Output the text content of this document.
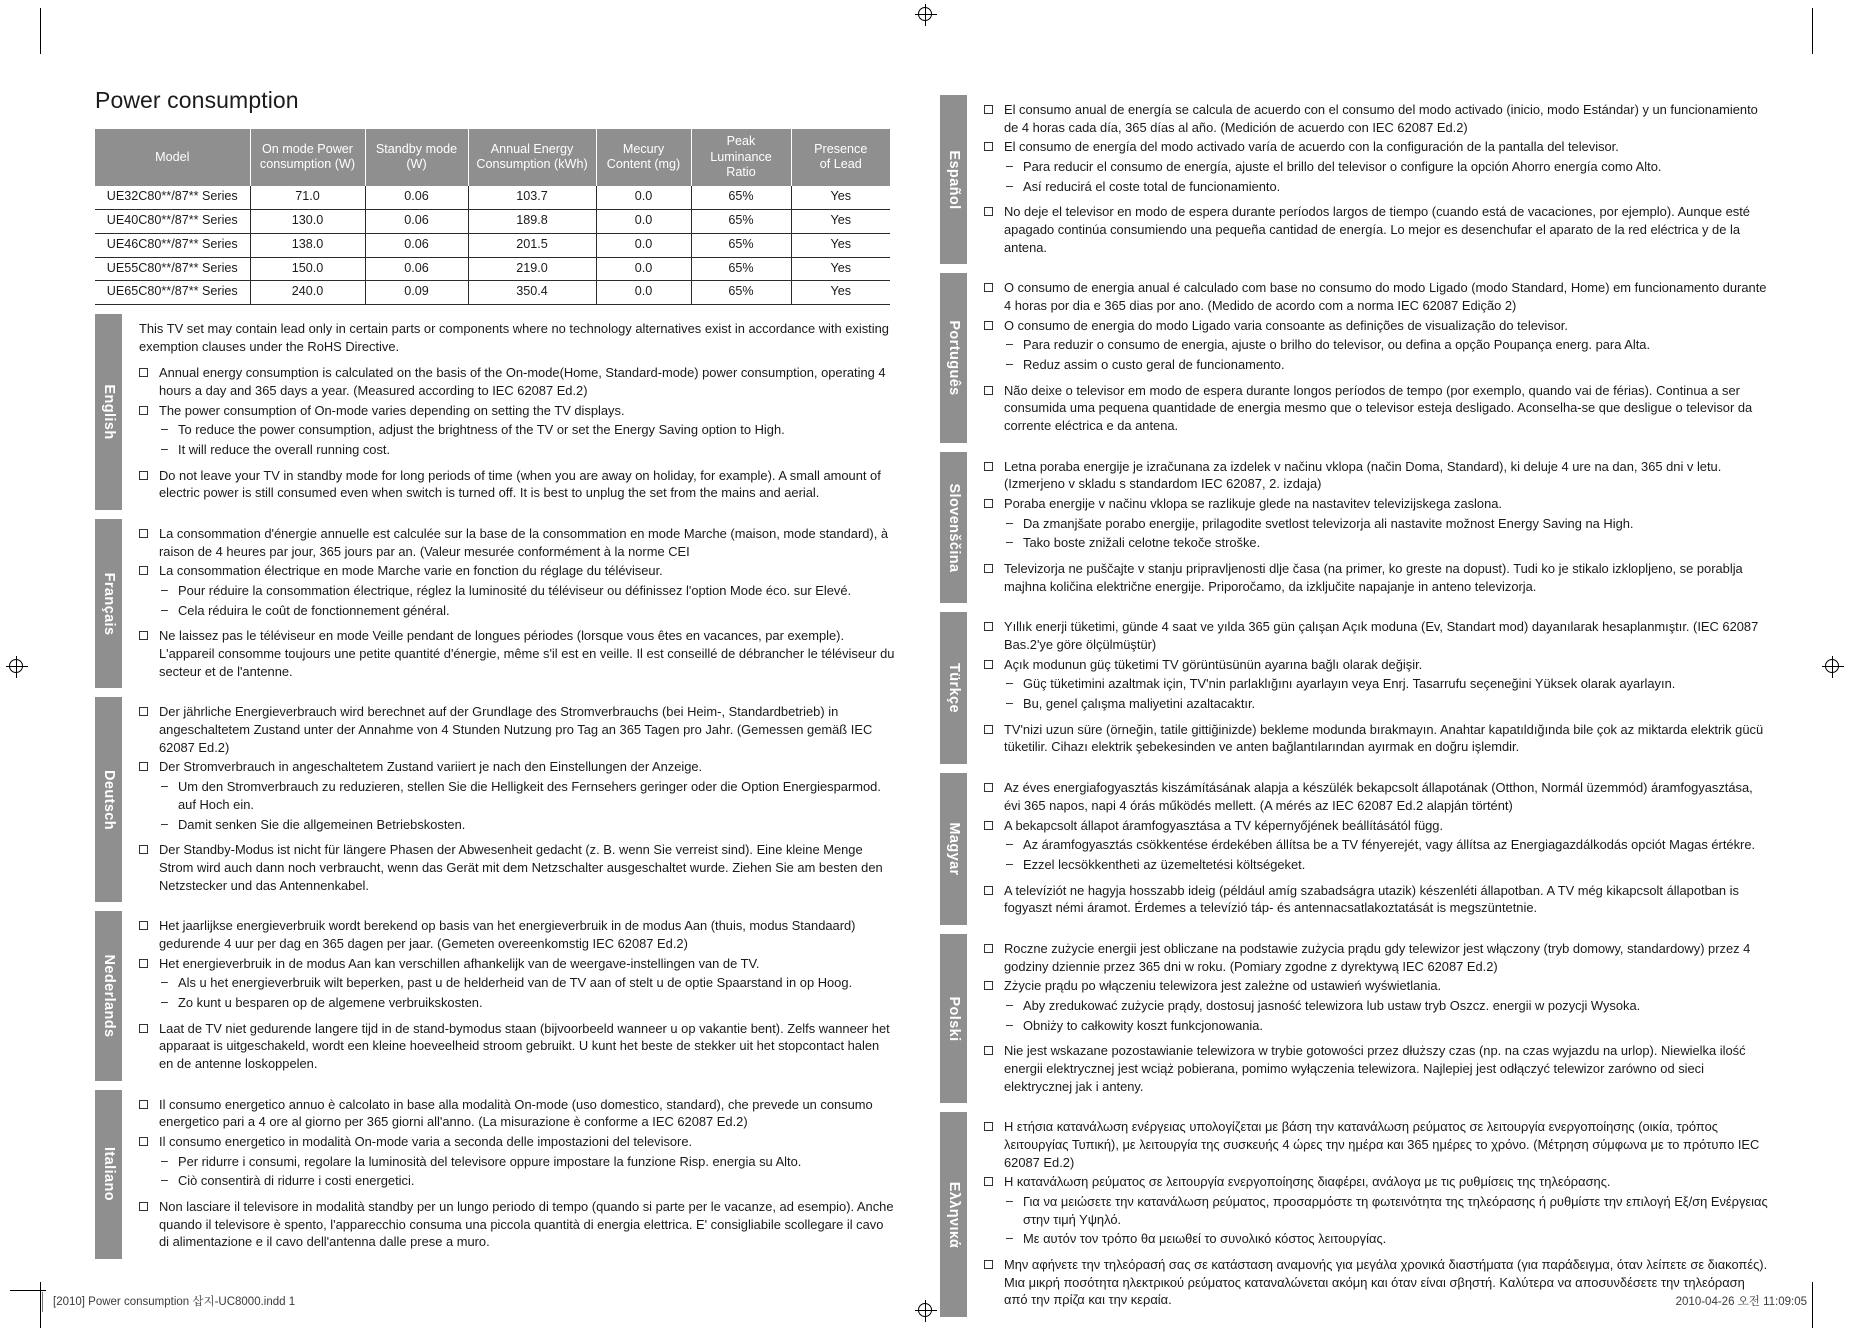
Power consumption
Model

On mode Power
consumption (W)

Standby mode
(W)

Annual Energy
Consumption (kWh)

Mecury
Content (mg)

Peak Luminance
Ratio

Presence
of Lead

UE32C80**/87** Series	71.0	0.06	103.7	0.0	65%	Yes
UE40C80**/87** Series	130.0	0.06	189.8	0.0	65%	Yes
UE46C80**/87** Series	138.0	0.06	201.5	0.0	65%	Yes
UE55C80**/87** Series	150.0	0.06	219.0	0.0	65%	Yes
UE65C80**/87** Series	240.0	0.09	350.4	0.0	65%	Yes
English

This TV set may contain lead only in certain parts or components where no technology alternatives exist in accordance with existing exemption clauses under the RoHS Directive.

Annual energy consumption is calculated on the basis of the On-mode(Home, Standard-mode) power consumption, operating 4 hours a day and 365 days a year. (Measured according to IEC 62087 Ed.2)
The power consumption of On-mode varies depending on setting the TV displays.
– To reduce the power consumption, adjust the brightness of the TV or set the Energy Saving option to High.
– It will reduce the overall running cost.
Do not leave your TV in standby mode for long periods of time (when you are away on holiday, for example). A small amount of electric power is still consumed even when switch is turned off. It is best to unplug the set from the mains and aerial.
Français
La consommation d'énergie annuelle est calculée sur la base de la consommation en mode Marche (maison, mode standard), à raison de 4 heures par jour, 365 jours par an. (Valeur mesurée conformément à la norme CEI
La consommation électrique en mode Marche varie en fonction du réglage du téléviseur.
– Pour réduire la consommation électrique, réglez la luminosité du téléviseur ou définissez l'option Mode éco. sur Elevé.
– Cela réduira le coût de fonctionnement général.
Ne laissez pas le téléviseur en mode Veille pendant de longues périodes (lorsque vous êtes en vacances, par exemple). L'appareil consomme toujours une petite quantité d'énergie, même s'il est en veille. Il est conseillé de débrancher le téléviseur du secteur et de l'antenne.
Deutsch
Der jährliche Energieverbrauch wird berechnet auf der Grundlage des Stromverbrauchs (bei Heim-, Standardbetrieb) in angeschaltetem Zustand unter der Annahme von 4 Stunden Nutzung pro Tag an 365 Tagen pro Jahr. (Gemessen gemäß IEC 62087 Ed.2)
Der Stromverbrauch in angeschaltetem Zustand variiert je nach den Einstellungen der Anzeige.
– Um den Stromverbrauch zu reduzieren, stellen Sie die Helligkeit des Fernsehers geringer oder die Option Energiesparmod. auf Hoch ein.
– Damit senken Sie die allgemeinen Betriebskosten.
Der Standby-Modus ist nicht für längere Phasen der Abwesenheit gedacht (z. B. wenn Sie verreist sind). Eine kleine Menge Strom wird auch dann noch verbraucht, wenn das Gerät mit dem Netzschalter ausgeschaltet wurde. Ziehen Sie am besten den Netzstecker und das Antennenkabel.
Nederlands
Het jaarlijkse energieverbruik wordt berekend op basis van het energieverbruik in de modus Aan (thuis, modus Standaard) gedurende 4 uur per dag en 365 dagen per jaar. (Gemeten overeenkomstig IEC 62087 Ed.2)
Het energieverbruik in de modus Aan kan verschillen afhankelijk van de weergave-instellingen van de TV.
– Als u het energieverbruik wilt beperken, past u de helderheid van de TV aan of stelt u de optie Spaarstand in op Hoog.
– Zo kunt u besparen op de algemene verbruikskosten.
Laat de TV niet gedurende langere tijd in de stand-bymodus staan (bijvoorbeeld wanneer u op vakantie bent). Zelfs wanneer het apparaat is uitgeschakeld, wordt een kleine hoeveelheid stroom gebruikt. U kunt het beste de stekker uit het stopcontact halen en de antenne loskoppelen.
Italiano
Il consumo energetico annuo è calcolato in base alla modalità On-mode (uso domestico, standard), che prevede un consumo energetico pari a 4 ore al giorno per 365 giorni all'anno. (La misurazione è conforme a IEC 62087 Ed.2)
Il consumo energetico in modalità On-mode varia a seconda delle impostazioni del televisore.
– Per ridurre i consumi, regolare la luminosità del televisore oppure impostare la funzione Risp. energia su Alto.
– Ciò consentirà di ridurre i costi energetici.
Non lasciare il televisore in modalità standby per un lungo periodo di tempo (quando si parte per le vacanze, ad esempio). Anche quando il televisore è spento, l'apparecchio consuma una piccola quantità di energia elettrica. E' consigliabile scollegare il cavo di alimentazione e il cavo dell'antenna dalle prese a muro.
Español
El consumo anual de energía se calcula de acuerdo con el consumo del modo activado (inicio, modo Estándar) y un funcionamiento de 4 horas cada día, 365 días al año. (Medición de acuerdo con IEC 62087 Ed.2)
El consumo de energía del modo activado varía de acuerdo con la configuración de la pantalla del televisor.
– Para reducir el consumo de energía, ajuste el brillo del televisor o configure la opción Ahorro energía como Alto.
– Así reducirá el coste total de funcionamiento.
No deje el televisor en modo de espera durante períodos largos de tiempo (cuando está de vacaciones, por ejemplo). Aunque esté apagado continúa consumiendo una pequeña cantidad de energía. Lo mejor es desenchufar el aparato de la red eléctrica y de la antena.
Português
O consumo de energia anual é calculado com base no consumo do modo Ligado (modo Standard, Home) em funcionamento durante 4 horas por dia e 365 dias por ano. (Medido de acordo com a norma IEC 62087 Edição 2)
O consumo de energia do modo Ligado varia consoante as definições de visualização do televisor.
– Para reduzir o consumo de energia, ajuste o brilho do televisor, ou defina a opção Poupança energ. para Alta.
– Reduz assim o custo geral de funcionamento.
Não deixe o televisor em modo de espera durante longos períodos de tempo (por exemplo, quando vai de férias). Continua a ser consumida uma pequena quantidade de energia mesmo que o televisor esteja desligado. Aconselha-se que desligue o televisor da corrente eléctrica e da antena.
Slovenščina
Letna poraba energije je izračunana za izdelek v načinu vklopa (način Doma, Standard), ki deluje 4 ure na dan, 365 dni v letu. (Izmerjeno v skladu s standardom IEC 62087, 2. izdaja)
Poraba energije v načinu vklopa se razlikuje glede na nastavitev televizijskega zaslona.
– Da zmanjšate porabo energije, prilagodite svetlost televizorja ali nastavite možnost Energy Saving na High.
– Tako boste znižali celotne tekoče stroške.
Televizorja ne puščajte v stanju pripravljenosti dlje časa (na primer, ko greste na dopust). Tudi ko je stikalo izklopljeno, se porablja majhna količina električne energije. Priporočamo, da izključite napajanje in anteno televizorja.
Türkçe
Yıllık enerji tüketimi, günde 4 saat ve yılda 365 gün çalışan Açık moduna (Ev, Standart mod) dayanılarak hesaplanmıştır. (IEC 62087 Bas.2'ye göre ölçülmüştür)
Açık modunun güç tüketimi TV görüntüsünün ayarına bağlı olarak değişir.
– Güç tüketimini azaltmak için, TV'nin parlaklığını ayarlayın veya Enrj. Tasarrufu seçeneğini Yüksek olarak ayarlayın.
– Bu, genel çalışma maliyetini azaltacaktır.
TV'nizi uzun süre (örneğin, tatile gittiğinizde) bekleme modunda bırakmayın. Anahtar kapatıldığında bile çok az miktarda elektrik gücü tüketilir. Cihazı elektrik şebekesinden ve anten bağlantılarından ayırmak en doğru işlemdir.
Magyar
Az éves energiafogyasztás kiszámításának alapja a készülék bekapcsolt állapotának (Otthon, Normál üzemmód) áramfogyasztása, évi 365 napos, napi 4 órás működés mellett. (A mérés az IEC 62087 Ed.2 alapján történt)
A bekapcsolt állapot áramfogyasztása a TV képernyőjének beállításától függ.
– Az áramfogyasztás csökkentése érdekében állítsa be a TV fényerejét, vagy állítsa az Energiagazdálkodás opciót Magas értékre.
– Ezzel lecsökkentheti az üzemeltetési költségeket.
A televíziót ne hagyja hosszabb ideig (például amíg szabadságra utazik) készenléti állapotban. A TV még kikapcsolt állapotban is fogyaszt némi áramot. Érdemes a televízió táp- és antennacsatlakoztatását is megszüntetnie.
Polski
Roczne zużycie energii jest obliczane na podstawie zużycia prądu gdy telewizor jest włączony (tryb domowy, standardowy) przez 4 godziny dziennie przez 365 dni w roku. (Pomiary zgodne z dyrektywą IEC 62087 Ed.2)
Zżycie prądu po włączeniu telewizora jest zależne od ustawień wyświetlania.
– Aby zredukować zużycie prądy, dostosuj jasność telewizora lub ustaw tryb Oszcz. energii w pozycji Wysoka.
– Obniży to całkowity koszt funkcjonowania.
Nie jest wskazane pozostawianie telewizora w trybie gotowości przez dłuższy czas (np. na czas wyjazdu na urlop). Niewielka ilość energii elektrycznej jest wciąż pobierana, pomimo wyłączenia telewizora. Najlepiej jest odłączyć telewizor zarówno od sieci elektrycznej jak i anteny.
Ελληνικά
Η ετήσια κατανάλωση ενέργειας υπολογίζεται με βάση την κατανάλωση ρεύματος σε λειτουργία ενεργοποίησης (οικία, τρόπος λειτουργίας Τυπική), με λειτουργία της συσκευής 4 ώρες την ημέρα και 365 ημέρες το χρόνο. (Μέτρηση σύμφωνα με το πρότυπο IEC 62087 Ed.2)
Η κατανάλωση ρεύματος σε λειτουργία ενεργοποίησης διαφέρει, ανάλογα με τις ρυθμίσεις της τηλεόρασης.
– Για να μειώσετε την κατανάλωση ρεύματος, προσαρμόστε τη φωτεινότητα της τηλεόρασης ή ρυθμίστε την επιλογή Εξ/ση Ενέργειας στην τιμή Υψηλό.
– Με αυτόν τον τρόπο θα μειωθεί το συνολικό κόστος λειτουργίας.
Μην αφήνετε την τηλεόρασή σας σε κατάσταση αναμονής για μεγάλα χρονικά διαστήματα (για παράδειγμα, όταν λείπετε σε διακοπές). Μια μικρή ποσότητα ηλεκτρικού ρεύματος καταναλώνεται ακόμη και όταν είναι σβηστή. Καλύτερα να αποσυνδέσετε την τηλεόραση από την πρίζα και την κεραία.
[2010] Power consumption 삽지-UC8000.indd 1	2010-04-26 오전 11:09:05
